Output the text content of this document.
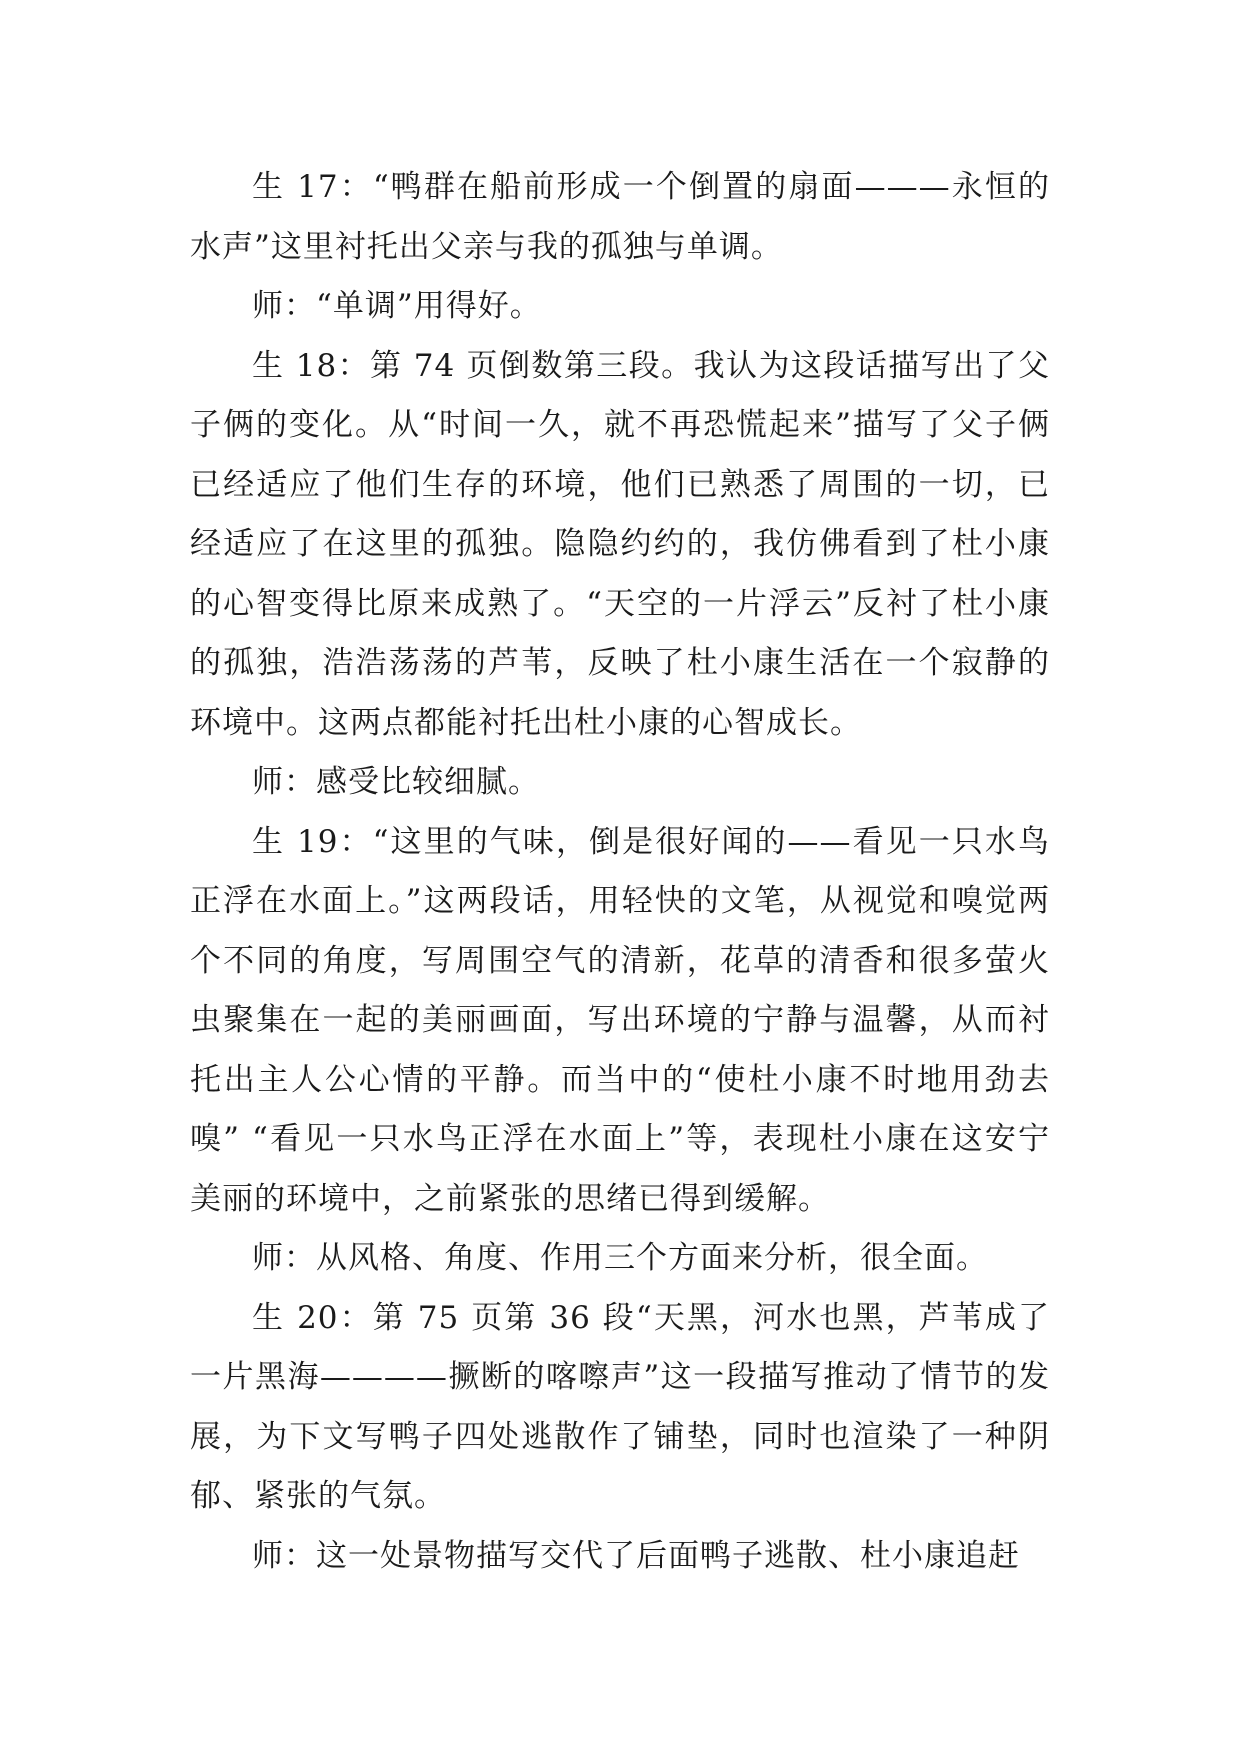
生 17：“鸭群在船前形成一个倒置的扇面———永恒的水声”这里衬托出父亲与我的孤独与单调。

师：“单调”用得好。

生 18：第 74 页倒数第三段。我认为这段话描写出了父子俩的变化。从“时间一久，就不再恐慌起来”描写了父子俩已经适应了他们生存的环境，他们已熟悉了周围的一切，已经适应了在这里的孤独。隐隐约约的，我仿佛看到了杜小康的心智变得比原来成熟了。“天空的一片浮云”反衬了杜小康的孤独，浩浩荡荡的芦苇，反映了杜小康生活在一个寂静的环境中。这两点都能衬托出杜小康的心智成长。

师：感受比较细腻。

生 19：“这里的气味，倒是很好闻的——看见一只水鸟正浮在水面上。”这两段话，用轻快的文笔，从视觉和嗅觉两个不同的角度，写周围空气的清新，花草的清香和很多萤火虫聚集在一起的美丽画面，写出环境的宁静与温馨，从而衬托出主人公心情的平静。而当中的“使杜小康不时地用劲去嗅” “看见一只水鸟正浮在水面上”等，表现杜小康在这安宁美丽的环境中，之前紧张的思绪已得到缓解。

师：从风格、角度、作用三个方面来分析，很全面。

生 20：第 75 页第 36 段“天黑，河水也黑，芦苇成了一片黑海————撅断的喀嚓声”这一段描写推动了情节的发展，为下文写鸭子四处逃散作了铺垫，同时也渲染了一种阴郁、紧张的气氛。

师：这一处景物描写交代了后面鸭子逃散、杜小康追赶
